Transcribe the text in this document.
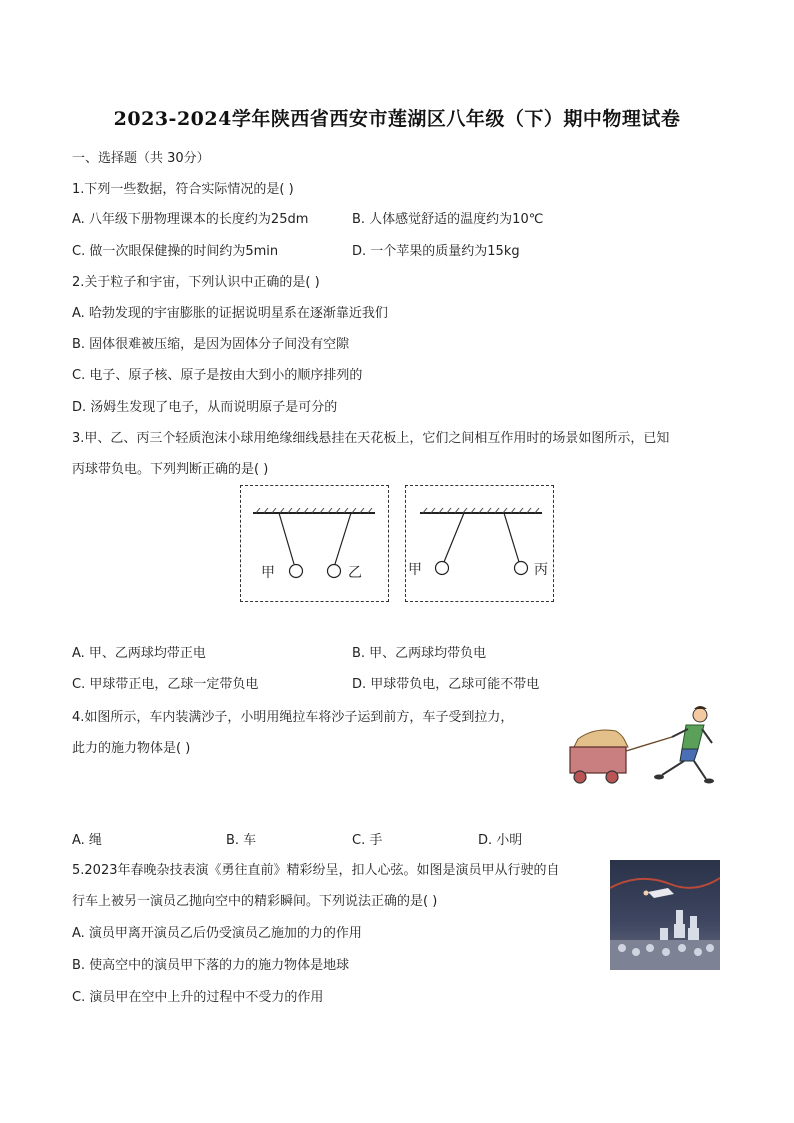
2023-2024学年陕西省西安市莲湖区八年级（下）期中物理试卷
一、选择题（共 30分）
1.下列一些数据，符合实际情况的是( )
A. 八年级下册物理课本的长度约为25dm	B. 人体感觉舒适的温度约为10℃
C. 做一次眼保健操的时间约为5min	D. 一个苹果的质量约为15kg
2.关于粒子和宇宙，下列认识中正确的是( )
A. 哈勃发现的宇宙膨胀的证据说明星系在逐渐靠近我们
B. 固体很难被压缩，是因为固体分子间没有空隙
C. 电子、原子核、原子是按由大到小的顺序排列的
D. 汤姆生发现了电子，从而说明原子是可分的
3.甲、乙、丙三个轻质泡沫小球用绝缘细线悬挂在天花板上，它们之间相互作用时的场景如图所示，已知
丙球带负电。下列判断正确的是( )
甲	乙	甲	丙
A. 甲、乙两球均带正电	B. 甲、乙两球均带负电
C. 甲球带正电，乙球一定带负电	D. 甲球带负电，乙球可能不带电
4.如图所示，车内装满沙子，小明用绳拉车将沙子运到前方，车子受到拉力，
此力的施力物体是( )
A. 绳	B. 车	C. 手	D. 小明
5.2023年春晚杂技表演《勇往直前》精彩纷呈，扣人心弦。如图是演员甲从行驶的自
行车上被另一演员乙抛向空中的精彩瞬间。下列说法正确的是( )
A. 演员甲离开演员乙后仍受演员乙施加的力的作用
B. 使高空中的演员甲下落的力的施力物体是地球
C. 演员甲在空中上升的过程中不受力的作用
